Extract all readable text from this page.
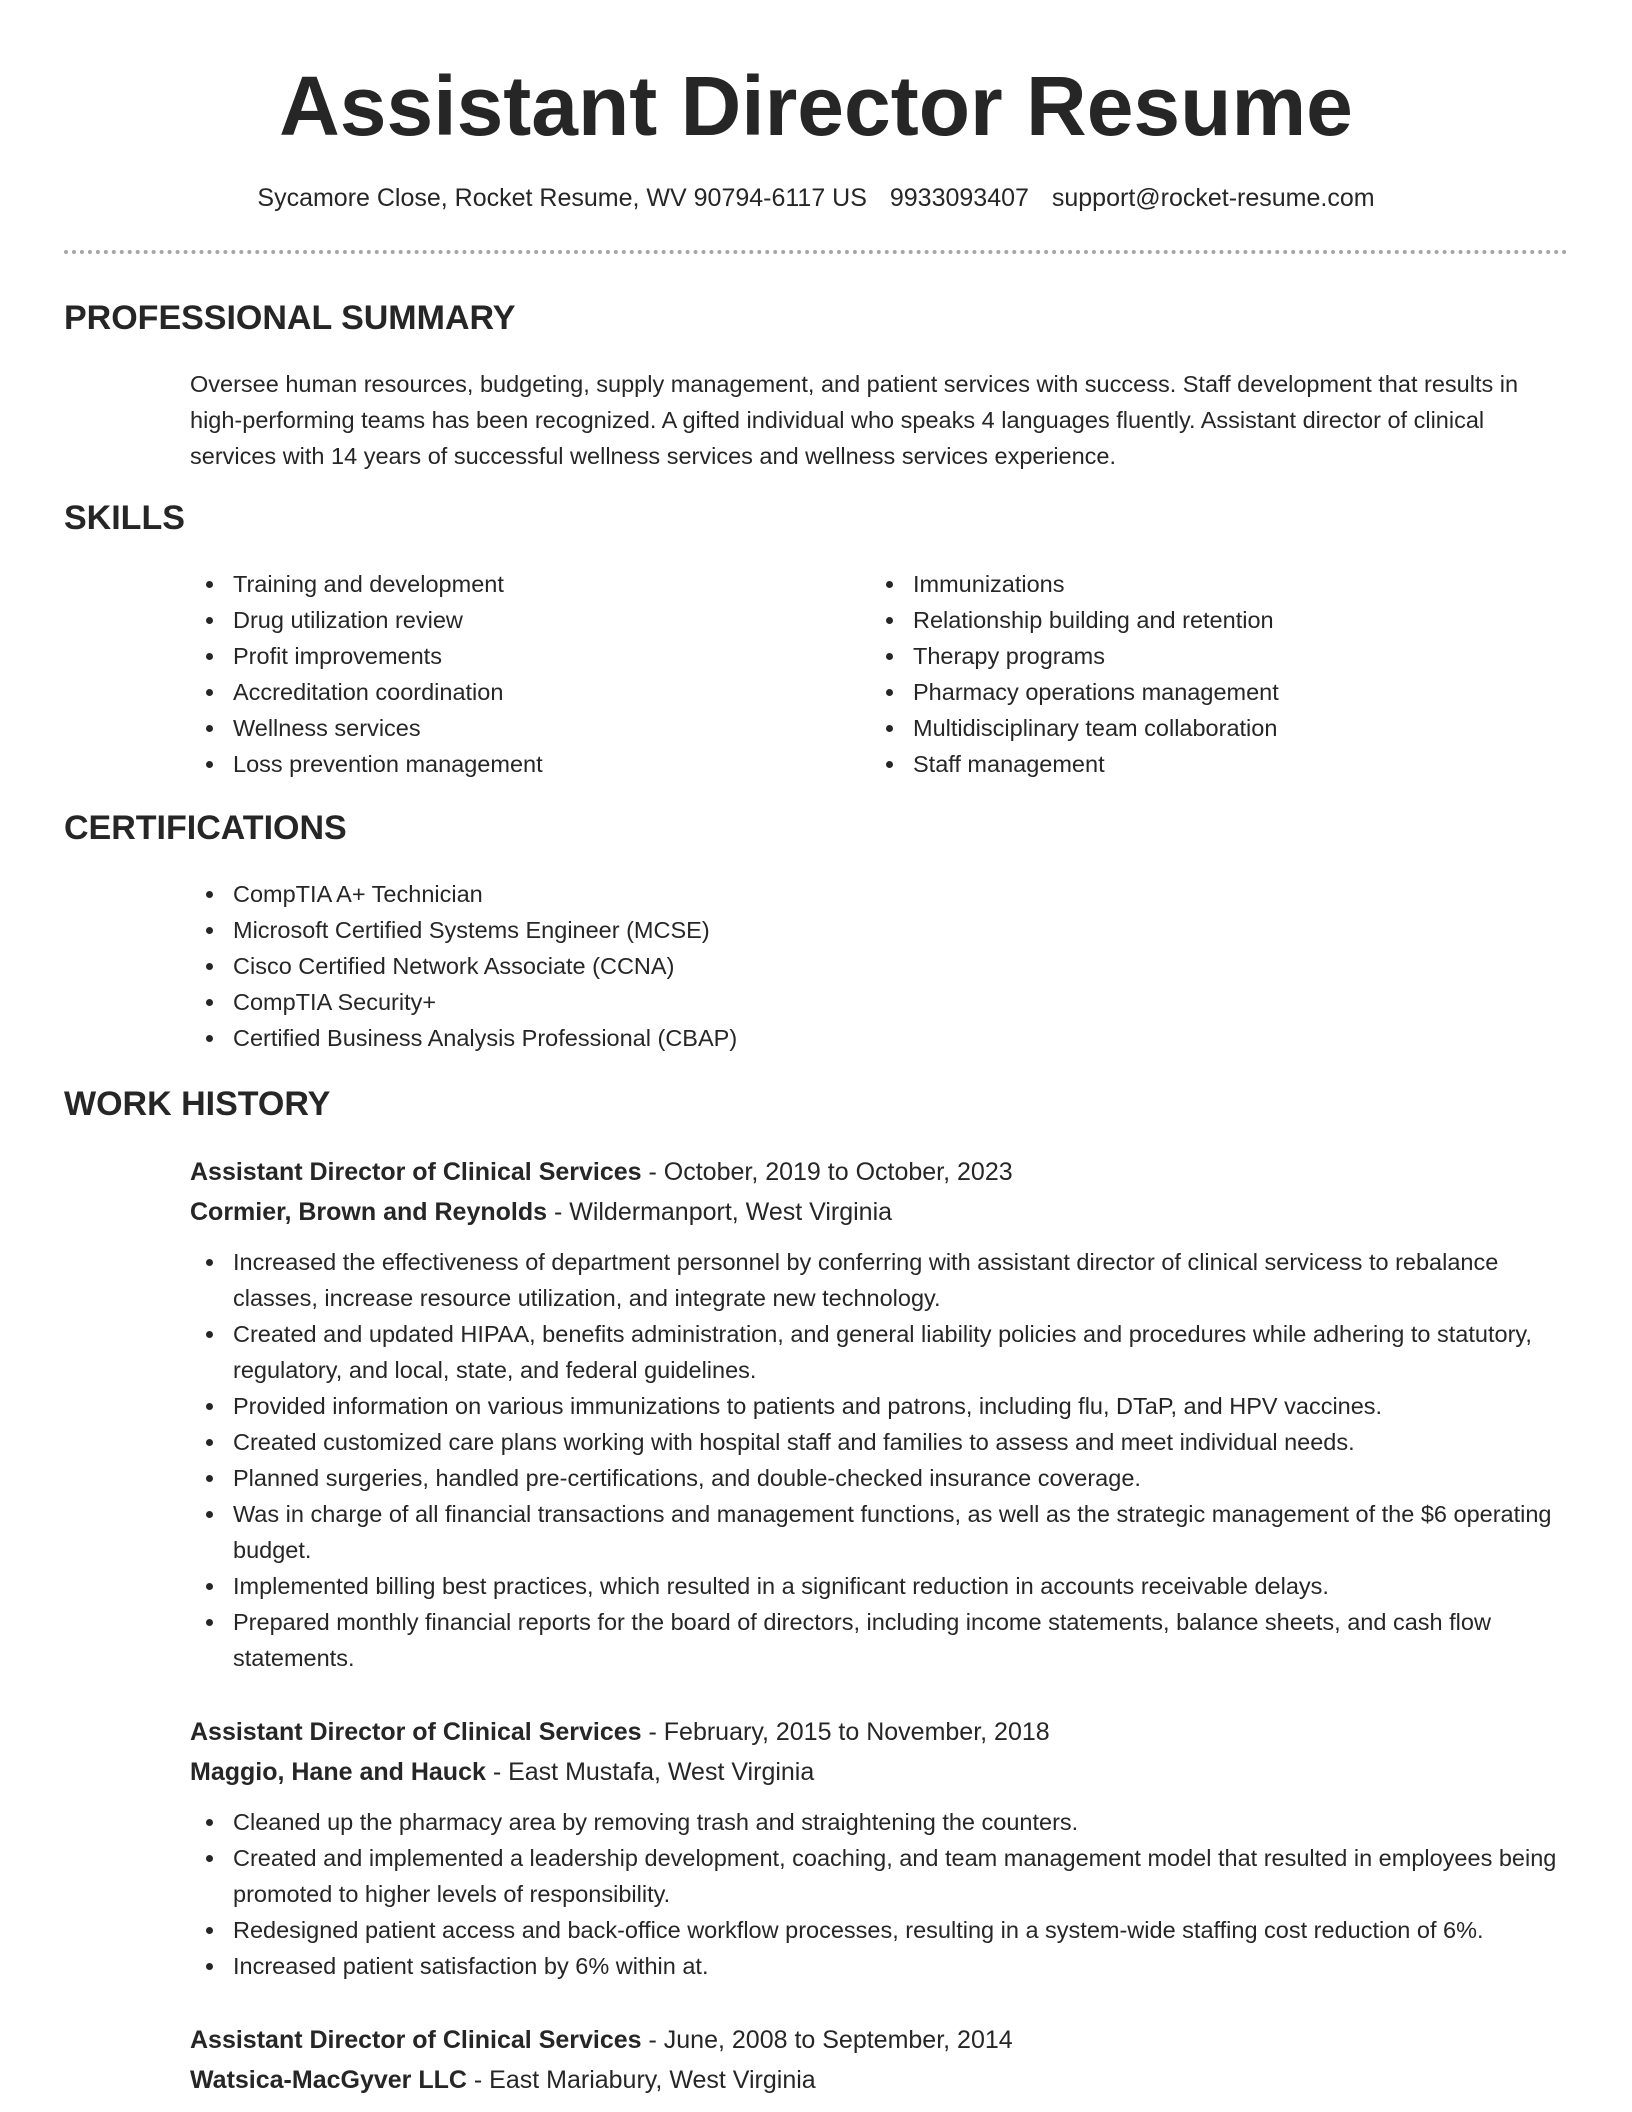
Assistant Director Resume
Sycamore Close, Rocket Resume, WV 90794-6117 US 9933093407 support@rocket-resume.com
PROFESSIONAL SUMMARY

Oversee human resources, budgeting, supply management, and patient services with success. Staff development that results in high-performing teams has been recognized. A gifted individual who speaks 4 languages fluently. Assistant director of clinical services with 14 years of successful wellness services and wellness services experience.

SKILLS
Training and development
Drug utilization review
Profit improvements
Accreditation coordination
Wellness services
Loss prevention management
Immunizations
Relationship building and retention
Therapy programs
Pharmacy operations management
Multidisciplinary team collaboration
Staff management
CERTIFICATIONS
CompTIA A+ Technician
Microsoft Certified Systems Engineer (MCSE)
Cisco Certified Network Associate (CCNA)
CompTIA Security+
Certified Business Analysis Professional (CBAP)
WORK HISTORY
Assistant Director of Clinical Services - October, 2019 to October, 2023
Cormier, Brown and Reynolds - Wildermanport, West Virginia
Increased the effectiveness of department personnel by conferring with assistant director of clinical servicess to rebalance classes, increase resource utilization, and integrate new technology.
Created and updated HIPAA, benefits administration, and general liability policies and procedures while adhering to statutory, regulatory, and local, state, and federal guidelines.
Provided information on various immunizations to patients and patrons, including flu, DTaP, and HPV vaccines.
Created customized care plans working with hospital staff and families to assess and meet individual needs.
Planned surgeries, handled pre-certifications, and double-checked insurance coverage.
Was in charge of all financial transactions and management functions, as well as the strategic management of the $6 operating budget.
Implemented billing best practices, which resulted in a significant reduction in accounts receivable delays.
Prepared monthly financial reports for the board of directors, including income statements, balance sheets, and cash flow statements.
Assistant Director of Clinical Services - February, 2015 to November, 2018
Maggio, Hane and Hauck - East Mustafa, West Virginia
Cleaned up the pharmacy area by removing trash and straightening the counters.
Created and implemented a leadership development, coaching, and team management model that resulted in employees being promoted to higher levels of responsibility.
Redesigned patient access and back-office workflow processes, resulting in a system-wide staffing cost reduction of 6%.
Increased patient satisfaction by 6% within at.
Assistant Director of Clinical Services - June, 2008 to September, 2014
Watsica-MacGyver LLC - East Mariabury, West Virginia
